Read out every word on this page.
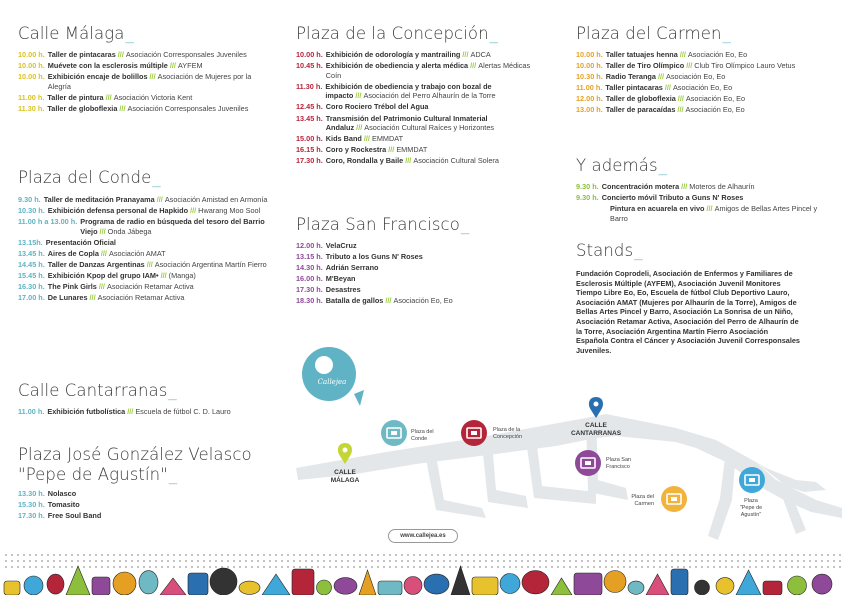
Calle Málaga_
10.00 h. Taller de pintacaras /// Asociación Corresponsales Juveniles
10.00 h. Muévete con la esclerosis múltiple /// AYFEM
10.00 h. Exhibición encaje de bolillos /// Asociación de Mujeres por la Alegría
11.00 h. Taller de pintura /// Asociación Victoria Kent
11.30 h. Taller de globoflexia /// Asociación Corresponsales Juveniles
Plaza del Conde_
9.30 h. Taller de meditación Pranayama /// Asociación Amistad en Armonía
10.30 h. Exhibición defensa personal de Hapkido /// Hwarang Moo Sool
11.00 h a 13.00 h. Programa de radio en búsqueda del tesoro del Barrio Viejo /// Onda Jábega
13.15h. Presentación Oficial
13.45 h. Aires de Copla /// Asociación AMAT
14.45 h. Taller de Danzas Argentinas /// Asociación Argentina Martín Fierro
15.45 h. Exhibición Kpop del grupo IAM• /// (Manga)
16.30 h. The Pink Girls /// Asociación Retamar Activa
17.00 h. De Lunares /// Asociación Retamar Activa
Calle Cantarranas_
11.00 h. Exhibición futbolística /// Escuela de fútbol C. D. Lauro
Plaza José González Velasco
"Pepe de Agustín"_
13.30 h. Nolasco
15.30 h. Tomasito
17.30 h. Free Soul Band
Plaza de la Concepción_
10.00 h. Exhibición de odorología y mantrailing /// ADCA
10.45 h. Exhibición de obediencia y alerta médica /// Alertas Médicas Coín
11.30 h. Exhibición de obediencia y trabajo con bozal de impacto /// Asociación del Perro Alhaurín de la Torre
12.45 h. Coro Rociero Trébol del Agua
13.45 h. Transmisión del Patrimonio Cultural Inmaterial Andaluz /// Asociación Cultural Raíces y Horizontes
15.00 h. Kids Band /// EMMDAT
16.15 h. Coro y Rockestra /// EMMDAT
17.30 h. Coro, Rondalla y Baile /// Asociación Cultural Solera
Plaza San Francisco_
12.00 h. VelaCruz
13.15 h. Tributo a los Guns N' Roses
14.30 h. Adrián Serrano
16.00 h. M'Beyan
17.30 h. Desastres
18.30 h. Batalla de gallos /// Asociación Eo, Eo
Plaza del Carmen_
10.00 h. Taller tatuajes henna /// Asociación Eo, Eo
10.00 h. Taller de Tiro Olímpico /// Club Tiro Olímpico Lauro Vetus
10.30 h. Radio Teranga /// Asociación Eo, Eo
11.00 h. Taller pintacaras /// Asociación Eo, Eo
12.00 h. Taller de globoflexia /// Asociación Eo, Eo
13.00 h. Taller de paracaídas /// Asociación Eo, Eo
Y además_
9.30 h. Concentración motera /// Moteros de Alhaurín
9.30 h. Concierto móvil Tributo a Guns N' Roses
Pintura en acuarela en vivo /// Amigos de Bellas Artes Pincel y Barro
Stands_
Fundación Coprodeli, Asociación de Enfermos y Familiares de Esclerosis Múltiple (AYFEM), Asociación Juvenil Monitores Tiempo Libre Eo, Eo, Escuela de fútbol Club Deportivo Lauro, Asociación AMAT (Mujeres por Alhaurín de la Torre), Amigos de Bellas Artes Pincel y Barro, Asociación La Sonrisa de un Niño, Asociación Retamar Activa, Asociación del Perro de Alhaurín de la Torre, Asociación Argentina Martín Fierro Asociación Española Contra el Cáncer y Asociación Juvenil Corresponsales Juveniles.
Callejea
Plaza del
Conde
Plaza de la
Concepción
Plaza San
Francisco
Plaza del
Carmen	Plaza
"Pepe de
Agustín"
CALLE
MÁLAGA
CALLE
CANTARRANAS
www.callejea.es
